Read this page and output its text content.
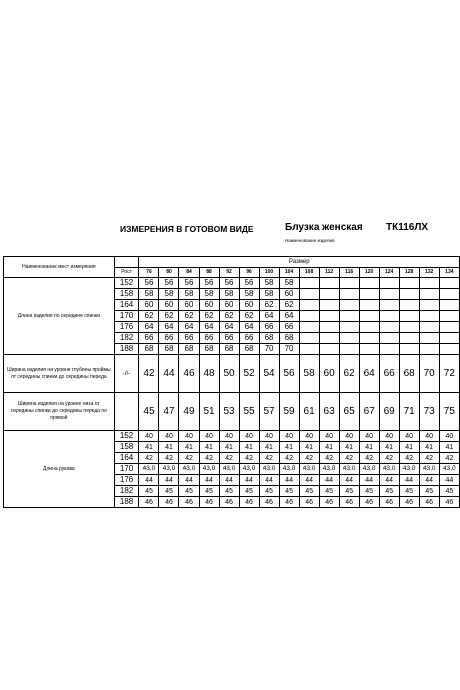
ИЗМЕРЕНИЯ В ГОТОВОМ ВИДЕ	Блузка женская ТК116ЛХ
Наименование изделия
Наименование мест измерения		Размер															
	Рост	76	80	84	88	92	96	100	104	108	112	116	120	124	128	132	134
Длина изделия по середине спинки	152	56	56	56	56	56	56	58	58								
	158	58	58	58	58	58	58	58	60								
	164	60	60	60	60	60	60	62	62								
	170	62	62	62	62	62	62	64	64								
	176	64	64	64	64	64	64	66	66								
	182	66	66	66	66	66	66	68	68								
	188	68	68	68	68	68	68	70	70								
Ширина изделия на уровне глубины проймы от середины спинки до середины переда	-//-	42	44	46	48	50	52	54	56	58	60	62	64	66	68	70	72
Ширина изделия на уровне низа от середины спинки до середины переда по прямой		45	47	49	51	53	55	57	59	61	63	65	67	69	71	73	75
Длина рукава	152	40	40	40	40	40	40	40	40	40	40	40	40	40	40	40	40
	158	41	41	41	41	41	41	41	41	41	41	41	41	41	41	41	41
	164	42	42	42	42	42	42	42	42	42	42	42	42	42	42	42	42
	170	43,0	43,0	43,0	43,0	43,0	43,0	43,0	43,0	43,0	43,0	43,0	43,0	43,0	43,0	43,0	43,0
	176	44	44	44	44	44	44	44	44	44	44	44	44	44	44	44	44
	182	45	45	45	45	45	45	45	45	45	45	45	45	45	45	45	45
	188	46	46	46	46	46	46	46	46	46	46	46	46	46	46	46	46
